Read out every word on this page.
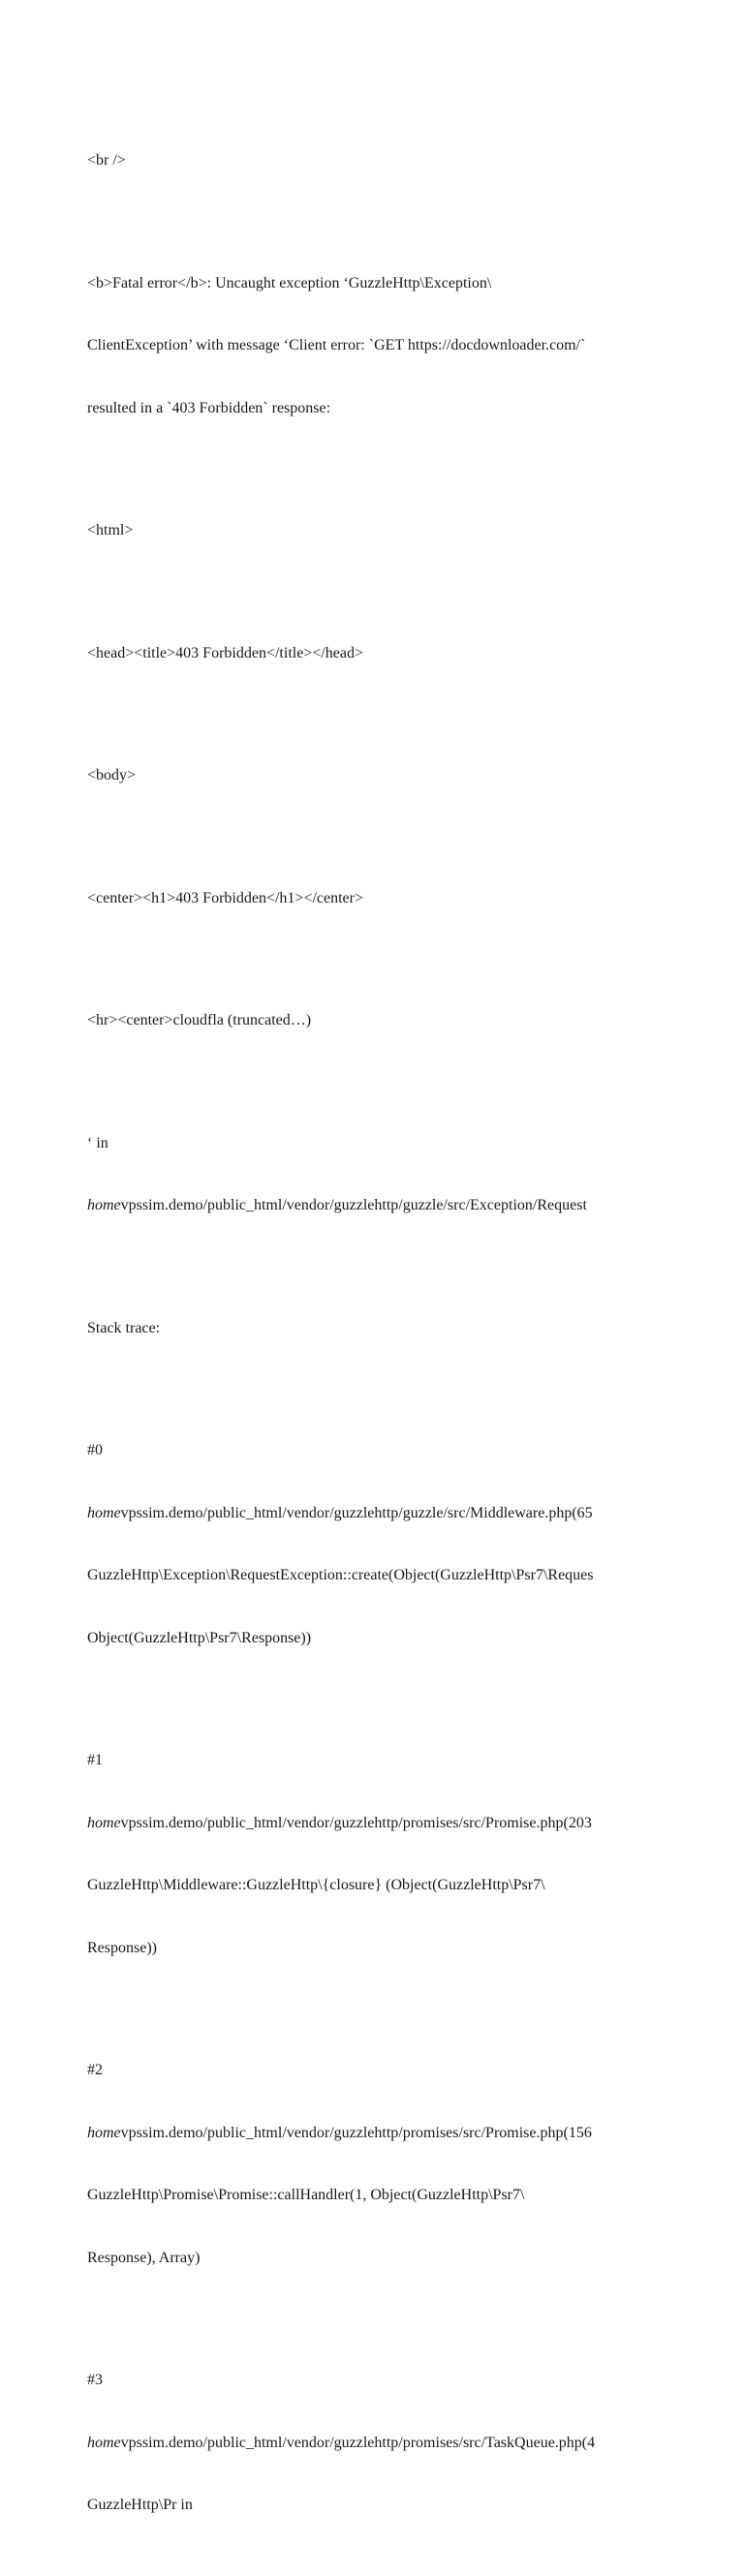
<br />

<b>Fatal error</b>: Uncaught exception ‘GuzzleHttp\Exception\

ClientException’ with message ‘Client error: `GET https://docdownloader.com/`

resulted in a `403 Forbidden` response:

<html>

<head><title>403 Forbidden</title></head>

<body>

<center><h1>403 Forbidden</h1></center>

<hr><center>cloudfla (truncated…)

‘ in

homevpssim.demo/public_html/vendor/guzzlehttp/guzzle/src/Exception/Request

Stack trace:

#0

homevpssim.demo/public_html/vendor/guzzlehttp/guzzle/src/Middleware.php(65

GuzzleHttp\Exception\RequestException::create(Object(GuzzleHttp\Psr7\Reques

Object(GuzzleHttp\Psr7\Response))

#1

homevpssim.demo/public_html/vendor/guzzlehttp/promises/src/Promise.php(203

GuzzleHttp\Middleware::GuzzleHttp\{closure} (Object(GuzzleHttp\Psr7\

Response))

#2

homevpssim.demo/public_html/vendor/guzzlehttp/promises/src/Promise.php(156

GuzzleHttp\Promise\Promise::callHandler(1, Object(GuzzleHttp\Psr7\

Response), Array)

#3

homevpssim.demo/public_html/vendor/guzzlehttp/promises/src/TaskQueue.php(4

GuzzleHttp\Pr in
